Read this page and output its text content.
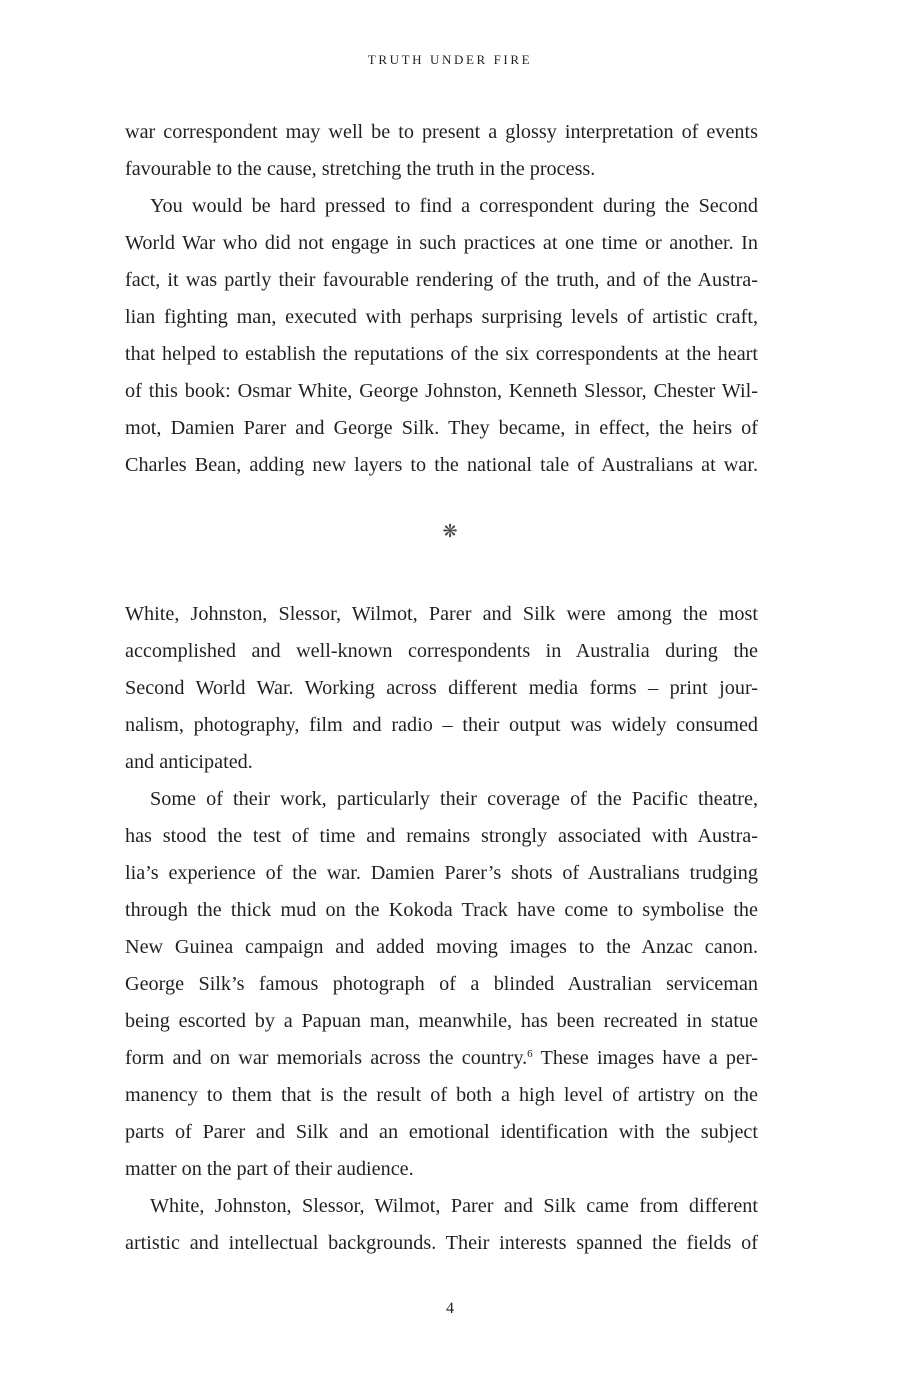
TRUTH UNDER FIRE
war correspondent may well be to present a glossy interpretation of events
favourable to the cause, stretching the truth in the process.
You would be hard pressed to find a correspondent during the Second
World War who did not engage in such practices at one time or another. In
fact, it was partly their favourable rendering of the truth, and of the Austra-
lian fighting man, executed with perhaps surprising levels of artistic craft,
that helped to establish the reputations of the six correspondents at the heart
of this book: Osmar White, George Johnston, Kenneth Slessor, Chester Wil-
mot, Damien Parer and George Silk. They became, in effect, the heirs of
Charles Bean, adding new layers to the national tale of Australians at war.
❋
White, Johnston, Slessor, Wilmot, Parer and Silk were among the most
accomplished and well-known correspondents in Australia during the
Second World War. Working across different media forms – print jour-
nalism, photography, film and radio – their output was widely consumed
and anticipated.
Some of their work, particularly their coverage of the Pacific theatre,
has stood the test of time and remains strongly associated with Austra-
lia’s experience of the war. Damien Parer’s shots of Australians trudging
through the thick mud on the Kokoda Track have come to symbolise the
New Guinea campaign and added moving images to the Anzac canon.
George Silk’s famous photograph of a blinded Australian serviceman
being escorted by a Papuan man, meanwhile, has been recreated in statue
form and on war memorials across the country.$^6$ These images have a per-
manency to them that is the result of both a high level of artistry on the
parts of Parer and Silk and an emotional identification with the subject
matter on the part of their audience.
White, Johnston, Slessor, Wilmot, Parer and Silk came from different
artistic and intellectual backgrounds. Their interests spanned the fields of
4
